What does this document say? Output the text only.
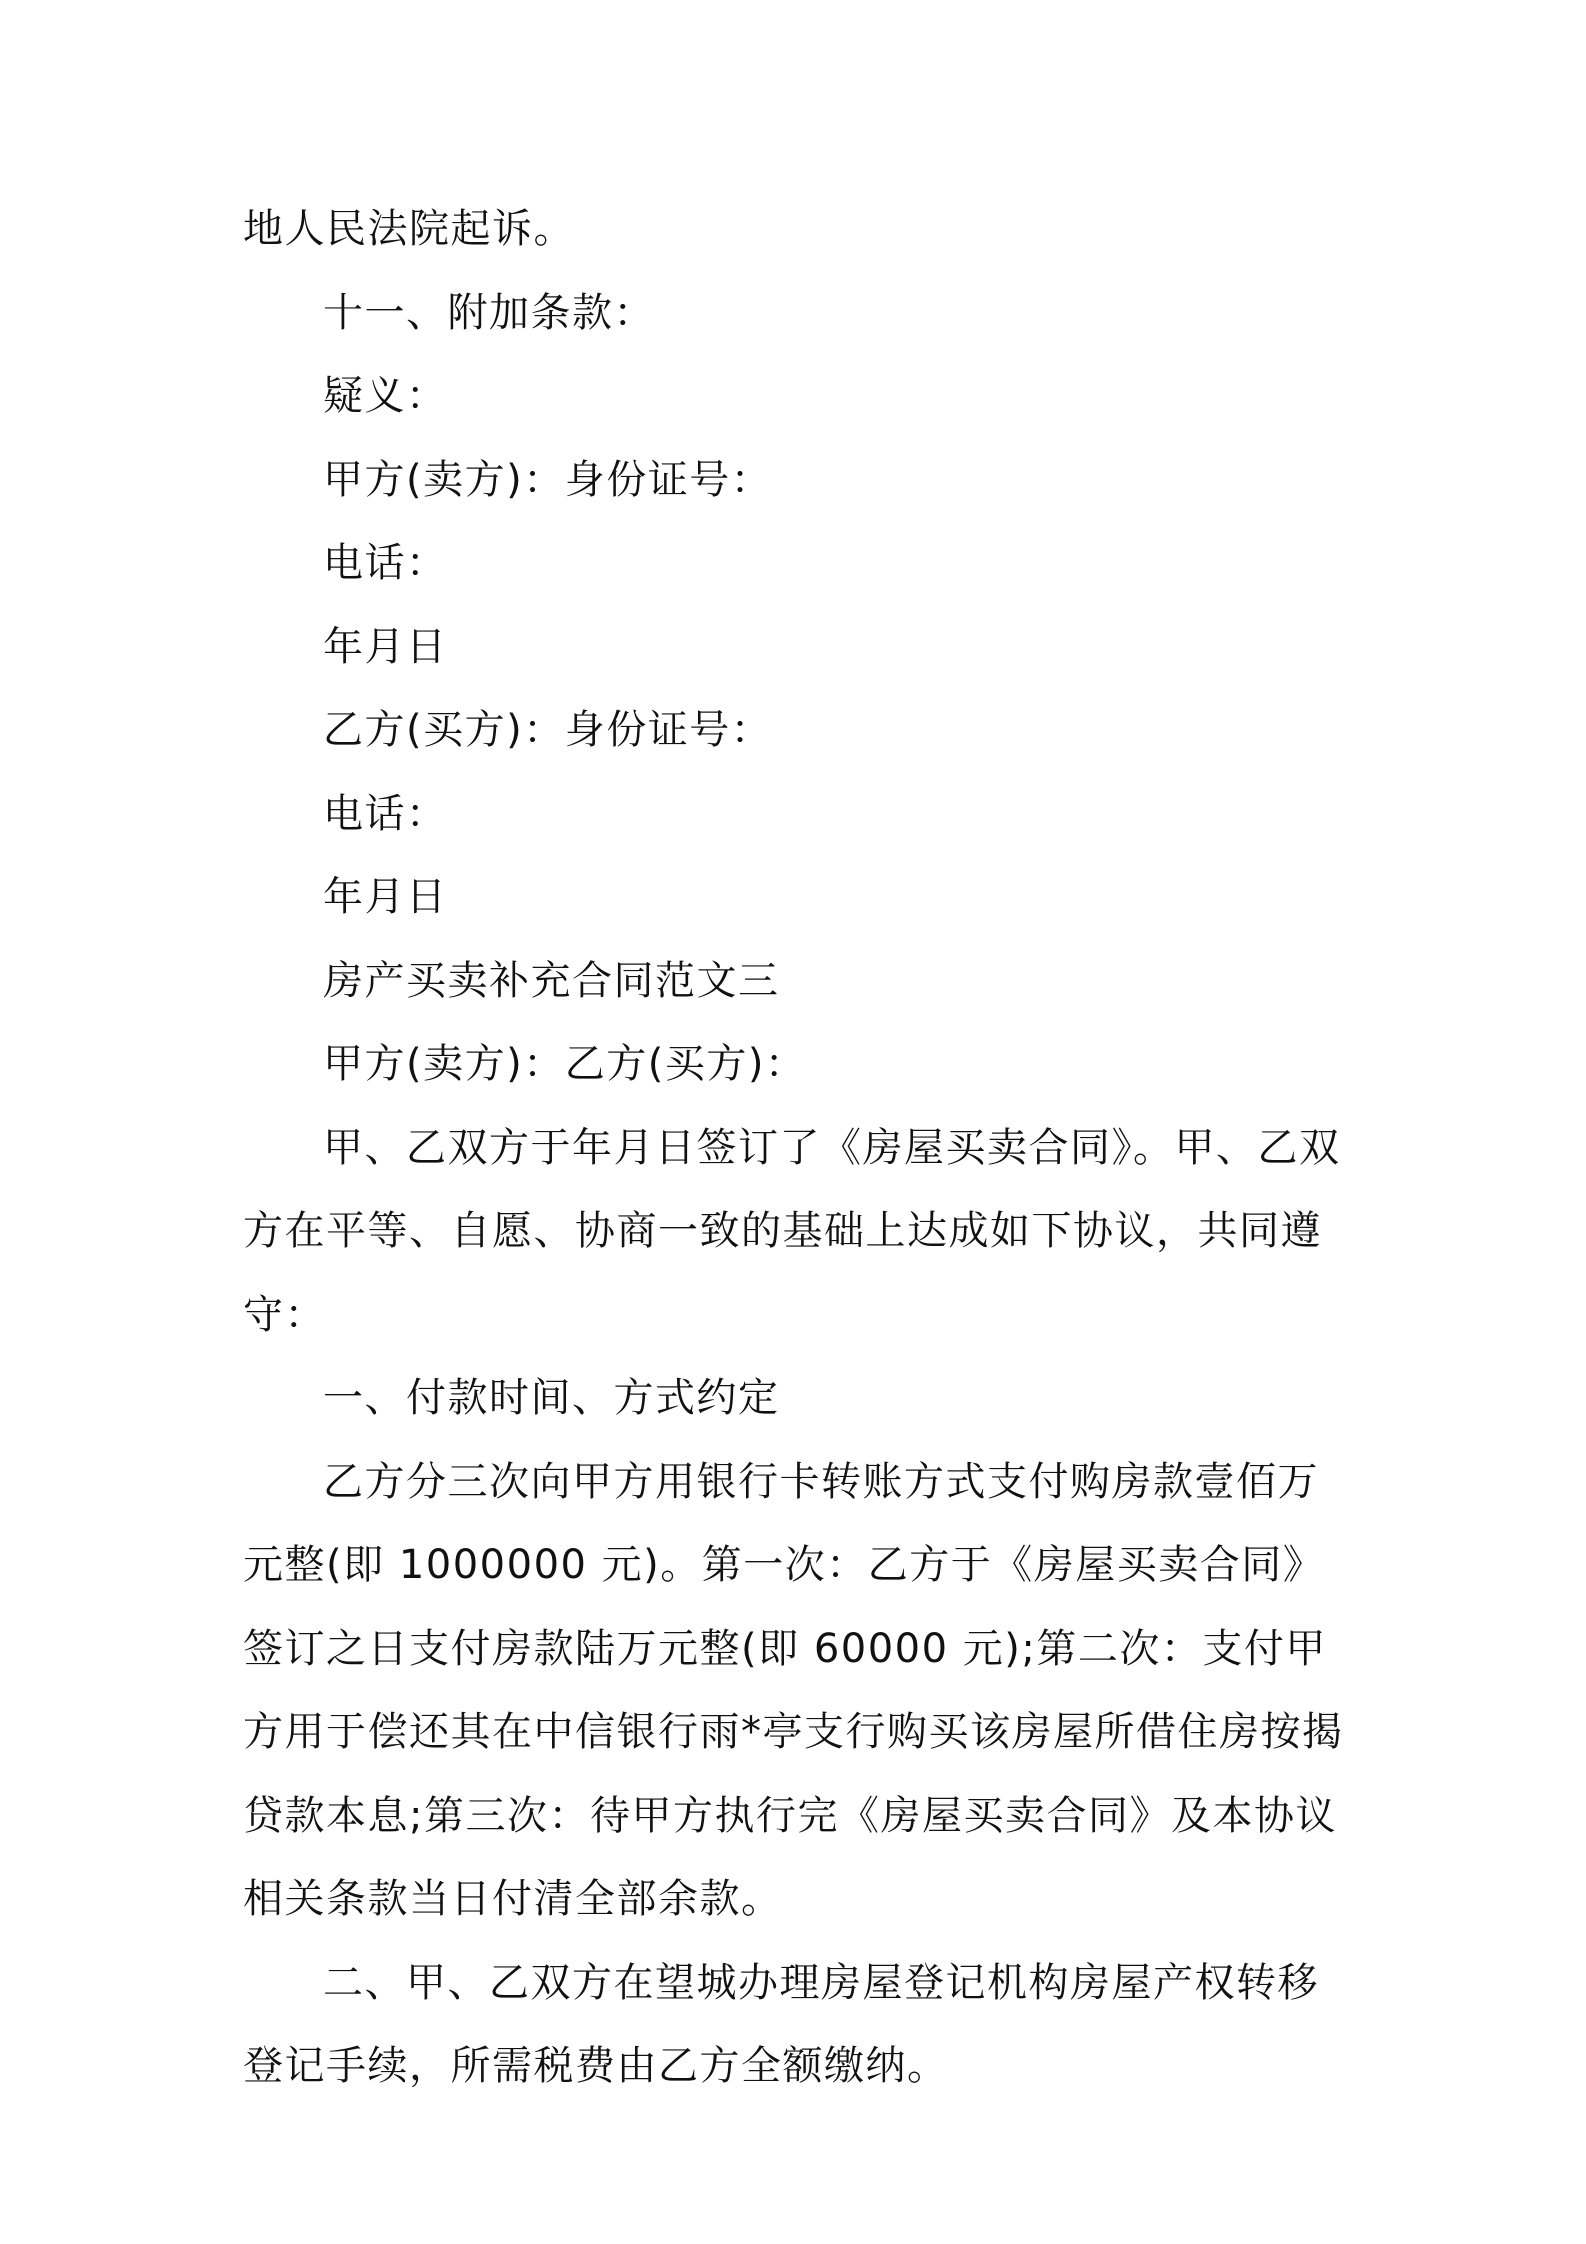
地人民法院起诉。

十一、附加条款：

疑义：

甲方(卖方)：身份证号：

电话：

年月日

乙方(买方)：身份证号：

电话：

年月日

房产买卖补充合同范文三

甲方(卖方)：乙方(买方)：

甲、乙双方于年月日签订了《房屋买卖合同》。甲、乙双方在平等、自愿、协商一致的基础上达成如下协议，共同遵守：

一、付款时间、方式约定

乙方分三次向甲方用银行卡转账方式支付购房款壹佰万元整(即 1000000 元)。第一次：乙方于《房屋买卖合同》签订之日支付房款陆万元整(即 60000 元);第二次：支付甲方用于偿还其在中信银行雨*亭支行购买该房屋所借住房按揭贷款本息;第三次：待甲方执行完《房屋买卖合同》及本协议相关条款当日付清全部余款。

二、甲、乙双方在望城办理房屋登记机构房屋产权转移登记手续，所需税费由乙方全额缴纳。
